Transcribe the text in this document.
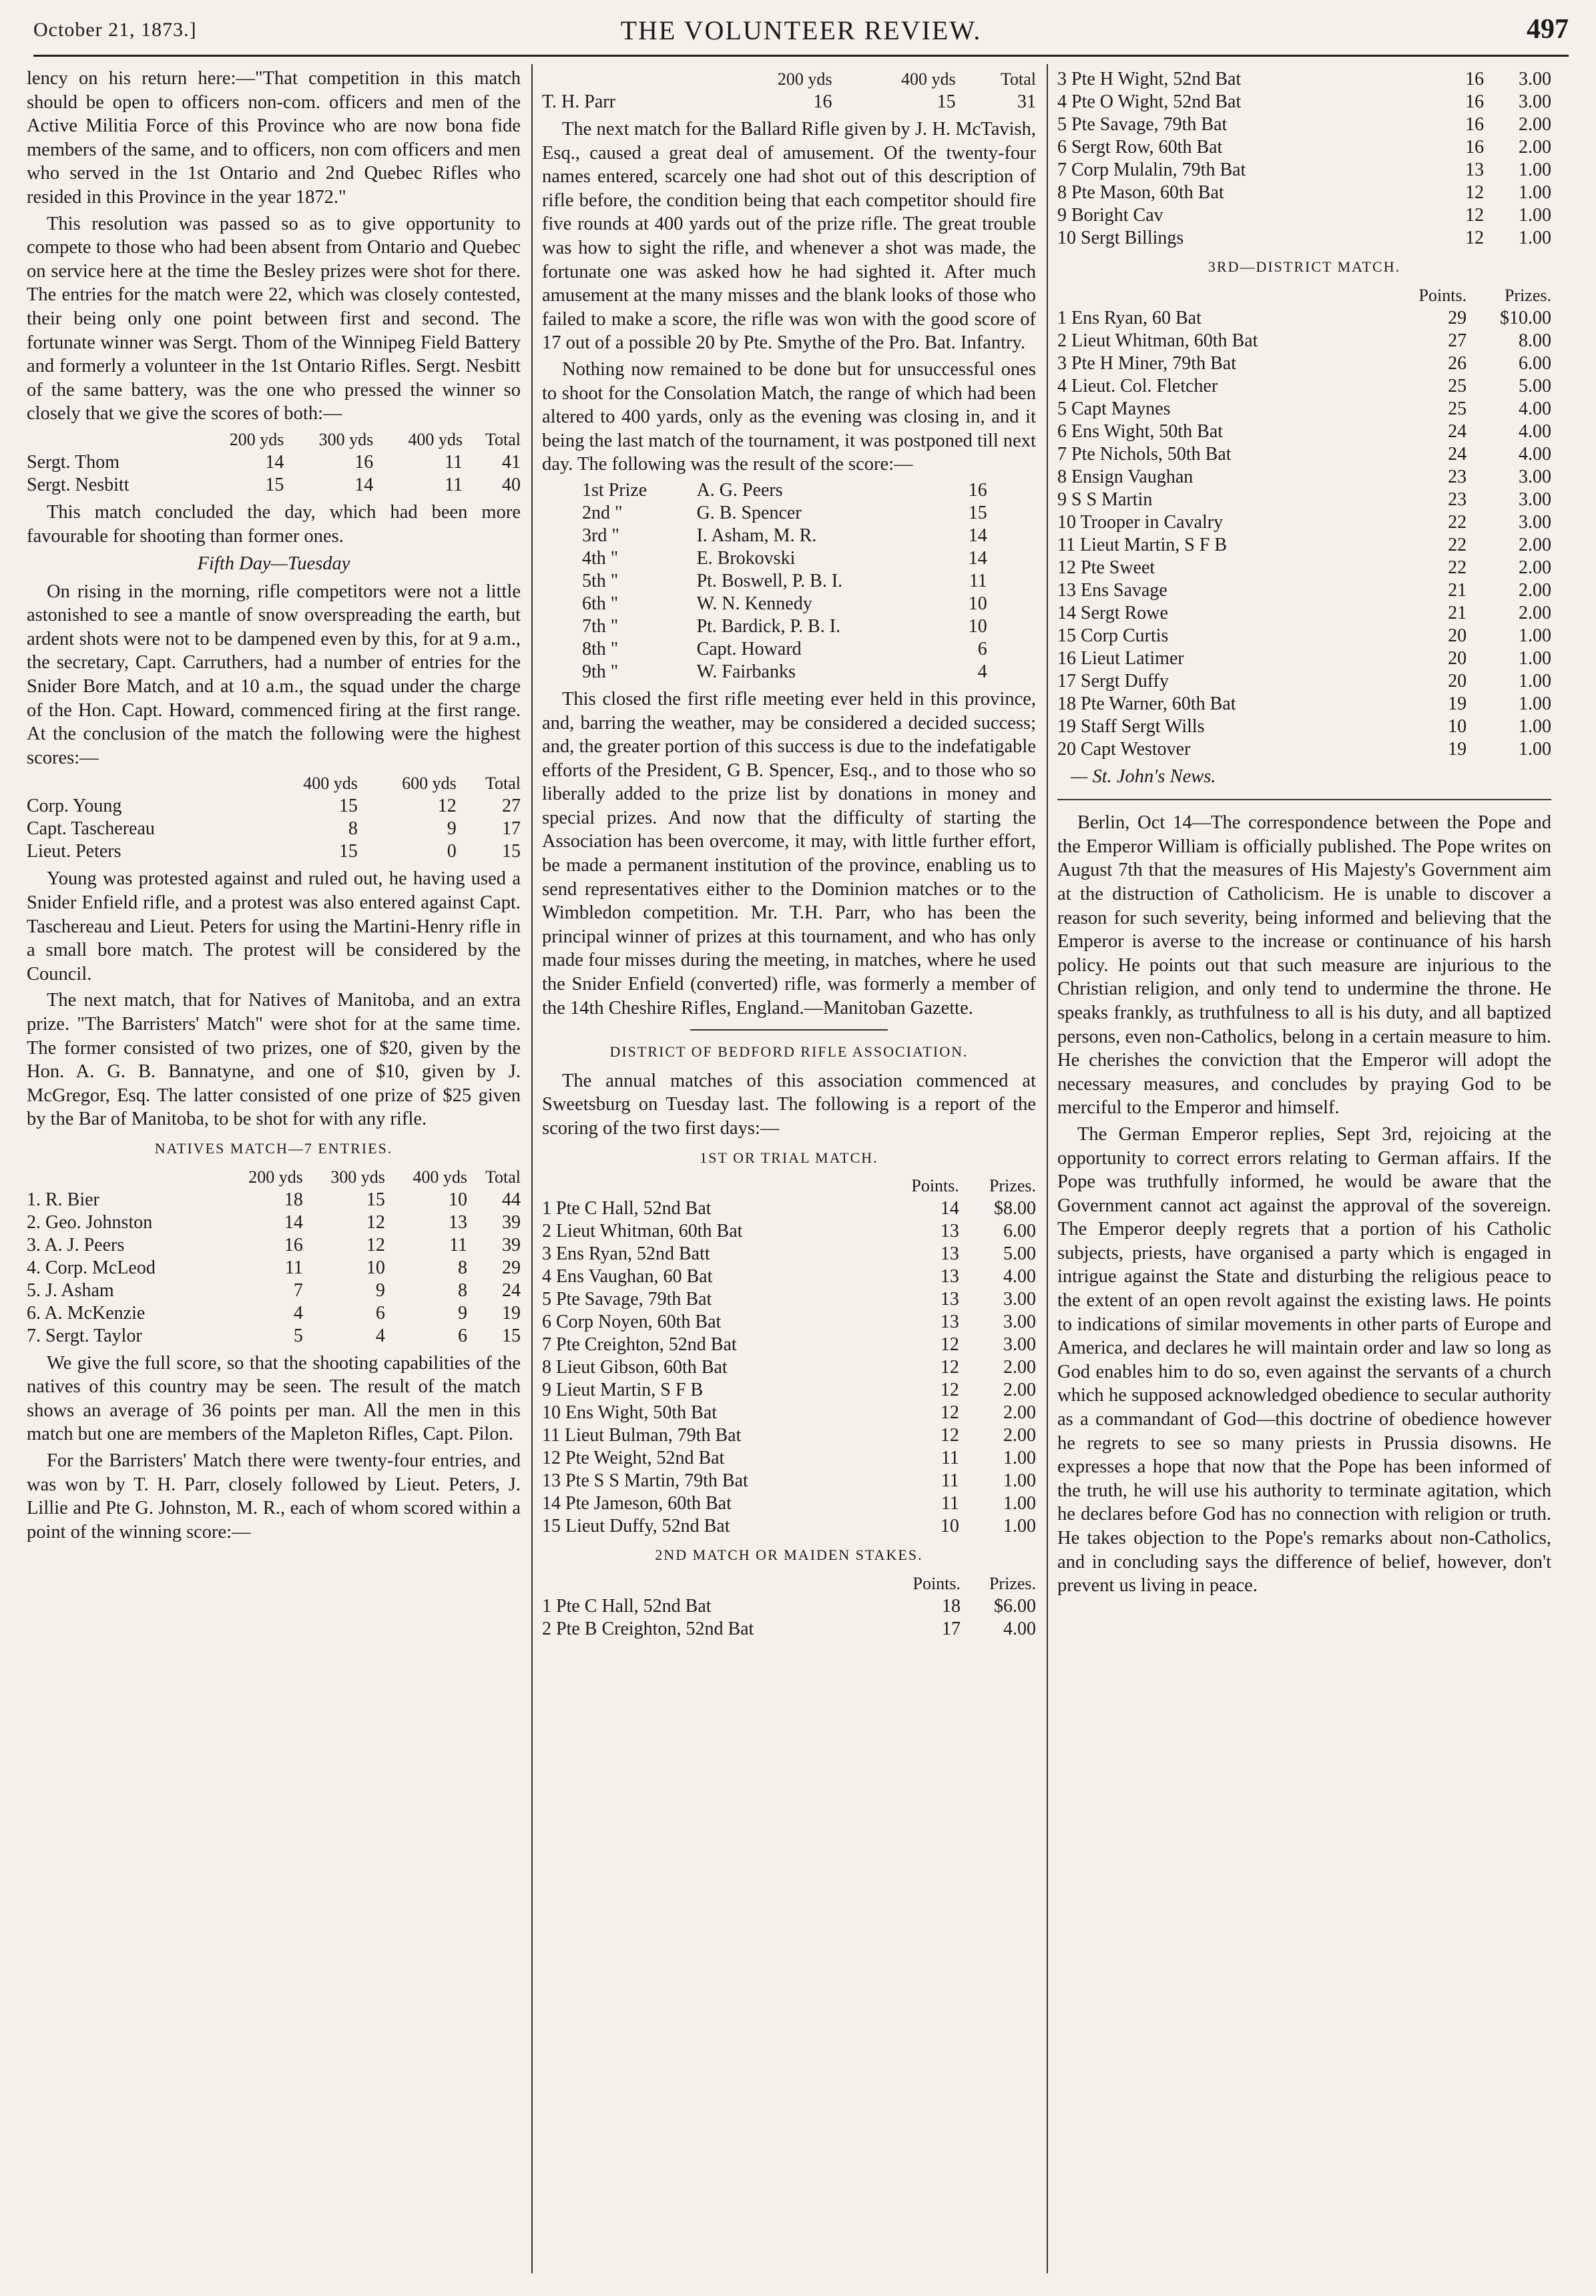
October 21, 1873.]	THE VOLUNTEER REVIEW.	497

lency on his return here:—"That competition in this match should be open to officers non-com. officers and men of the Active Militia Force of this Province who are now bona fide members of the same, and to officers, non com officers and men who served in the 1st Ontario and 2nd Quebec Rifles who resided in this Province in the year 1872."

This resolution was passed so as to give opportunity to compete to those who had been absent from Ontario and Quebec on service here at the time the Besley prizes were shot for there. The entries for the match were 22, which was closely contested, their being only one point between first and second. The fortunate winner was Sergt. Thom of the Winnipeg Field Battery and formerly a volunteer in the 1st Ontario Rifles. Sergt. Nesbitt of the same battery, was the one who pressed the winner so closely that we give the scores of both:—

	200 yds	300 yds	400 yds	Total
Sergt. Thom	14	16	11	41
Sergt. Nesbitt	15	14	11	40

This match concluded the day, which had been more favourable for shooting than former ones.

Fifth Day—Tuesday

On rising in the morning, rifle competitors were not a little astonished to see a mantle of snow overspreading the earth, but ardent shots were not to be dampened even by this, for at 9 a.m., the secretary, Capt. Carruthers, had a number of entries for the Snider Bore Match, and at 10 a.m., the squad under the charge of the Hon. Capt. Howard, commenced firing at the first range. At the conclusion of the match the following were the highest scores:—

	400 yds	600 yds	Total
Corp. Young	15	12	27
Capt. Taschereau	8	9	17
Lieut. Peters	15	0	15

Young was protested against and ruled out, he having used a Snider Enfield rifle, and a protest was also entered against Capt. Taschereau and Lieut. Peters for using the Martini-Henry rifle in a small bore match. The protest will be considered by the Council.

The next match, that for Natives of Manitoba, and an extra prize. "The Barristers' Match" were shot for at the same time. The former consisted of two prizes, one of $20, given by the Hon. A. G. B. Bannatyne, and one of $10, given by J. McGregor, Esq. The latter consisted of one prize of $25 given by the Bar of Manitoba, to be shot for with any rifle.

NATIVES MATCH—7 ENTRIES.
	200 yds	300 yds	400 yds	Total
1. R. Bier	18	15	10	44
2. Geo. Johnston	14	12	13	39
3. A. J. Peers	16	12	11	39
4. Corp. McLeod	11	10	8	29
5. J. Asham	7	9	8	24
6. A. McKenzie	4	6	9	19
7. Sergt. Taylor	5	4	6	15

We give the full score, so that the shooting capabilities of the natives of this country may be seen. The result of the match shows an average of 36 points per man. All the men in this match but one are members of the Mapleton Rifles, Capt. Pilon.

For the Barristers' Match there were twenty-four entries, and was won by T. H. Parr, closely followed by Lieut. Peters, J. Lillie and Pte G. Johnston, M. R., each of whom scored within a point of the winning score:—

	200 yds	400 yds	Total
T. H. Parr	16	15	31

The next match for the Ballard Rifle given by J. H. McTavish, Esq., caused a great deal of amusement. Of the twenty-four names entered, scarcely one had shot out of this description of rifle before, the condition being that each competitor should fire five rounds at 400 yards out of the prize rifle. The great trouble was how to sight the rifle, and whenever a shot was made, the fortunate one was asked how he had sighted it. After much amusement at the many misses and the blank looks of those who failed to make a score, the rifle was won with the good score of 17 out of a possible 20 by Pte. Smythe of the Pro. Bat. Infantry.

Nothing now remained to be done but for unsuccessful ones to shoot for the Consolation Match, the range of which had been altered to 400 yards, only as the evening was closing in, and it being the last match of the tournament, it was postponed till next day. The following was the result of the score:—

1st Prize	A. G. Peers	16
2nd "	G. B. Spencer	15
3rd "	I. Asham, M. R.	14
4th "	E. Brokovski	14
5th "	Pt. Boswell, P. B. I.	11
6th "	W. N. Kennedy	10
7th "	Pt. Bardick, P. B. I.	10
8th "	Capt. Howard	6
9th "	W. Fairbanks	4

This closed the first rifle meeting ever held in this province, and, barring the weather, may be considered a decided success; and, the greater portion of this success is due to the indefatigable efforts of the President, G B. Spencer, Esq., and to those who so liberally added to the prize list by donations in money and special prizes. And now that the difficulty of starting the Association has been overcome, it may, with little further effort, be made a permanent institution of the province, enabling us to send representatives either to the Dominion matches or to the Wimbledon competition. Mr. T.H. Parr, who has been the principal winner of prizes at this tournament, and who has only made four misses during the meeting, in matches, where he used the Snider Enfield (converted) rifle, was formerly a member of the 14th Cheshire Rifles, England.—Manitoban Gazette.

DISTRICT OF BEDFORD RIFLE ASSOCIATION.

The annual matches of this association commenced at Sweetsburg on Tuesday last. The following is a report of the scoring of the two first days:—

1ST OR TRIAL MATCH.
	Points.	Prizes.
1 Pte C Hall, 52nd Bat	14	$8.00
2 Lieut Whitman, 60th Bat	13	6.00
3 Ens Ryan, 52nd Batt	13	5.00
4 Ens Vaughan, 60 Bat	13	4.00
5 Pte Savage, 79th Bat	13	3.00
6 Corp Noyen, 60th Bat	13	3.00
7 Pte Creighton, 52nd Bat	12	3.00
8 Lieut Gibson, 60th Bat	12	2.00
9 Lieut Martin, S F B	12	2.00
10 Ens Wight, 50th Bat	12	2.00
11 Lieut Bulman, 79th Bat	12	2.00
12 Pte Weight, 52nd Bat	11	1.00
13 Pte S S Martin, 79th Bat	11	1.00
14 Pte Jameson, 60th Bat	11	1.00
15 Lieut Duffy, 52nd Bat	10	1.00
2ND MATCH OR MAIDEN STAKES.
	Points.	Prizes.
1 Pte C Hall, 52nd Bat	18	$6.00
2 Pte B Creighton, 52nd Bat	17	4.00
3 Pte H Wight, 52nd Bat	16	3.00
4 Pte O Wight, 52nd Bat	16	3.00
5 Pte Savage, 79th Bat	16	2.00
6 Sergt Row, 60th Bat	16	2.00
7 Corp Mulalin, 79th Bat	13	1.00
8 Pte Mason, 60th Bat	12	1.00
9 Boright Cav	12	1.00
10 Sergt Billings	12	1.00
3RD—DISTRICT MATCH.
	Points.	Prizes.
1 Ens Ryan, 60 Bat	29	$10.00
2 Lieut Whitman, 60th Bat	27	8.00
3 Pte H Miner, 79th Bat	26	6.00
4 Lieut. Col. Fletcher	25	5.00
5 Capt Maynes	25	4.00
6 Ens Wight, 50th Bat	24	4.00
7 Pte Nichols, 50th Bat	24	4.00
8 Ensign Vaughan	23	3.00
9 S S Martin	23	3.00
10 Trooper in Cavalry	22	3.00
11 Lieut Martin, S F B	22	2.00
12 Pte Sweet	22	2.00
13 Ens Savage	21	2.00
14 Sergt Rowe	21	2.00
15 Corp Curtis	20	1.00
16 Lieut Latimer	20	1.00
17 Sergt Duffy	20	1.00
18 Pte Warner, 60th Bat	19	1.00
19 Staff Sergt Wills	10	1.00
20 Capt Westover	19	1.00
— St. John's News.

Berlin, Oct 14—The correspondence between the Pope and the Emperor William is officially published. The Pope writes on August 7th that the measures of His Majesty's Government aim at the distruction of Catholicism. He is unable to discover a reason for such severity, being informed and believing that the Emperor is averse to the increase or continuance of his harsh policy. He points out that such measure are injurious to the Christian religion, and only tend to undermine the throne. He speaks frankly, as truthfulness to all is his duty, and all baptized persons, even non-Catholics, belong in a certain measure to him. He cherishes the conviction that the Emperor will adopt the necessary measures, and concludes by praying God to be merciful to the Emperor and himself.

The German Emperor replies, Sept 3rd, rejoicing at the opportunity to correct errors relating to German affairs. If the Pope was truthfully informed, he would be aware that the Government cannot act against the approval of the sovereign. The Emperor deeply regrets that a portion of his Catholic subjects, priests, have organised a party which is engaged in intrigue against the State and disturbing the religious peace to the extent of an open revolt against the existing laws. He points to indications of similar movements in other parts of Europe and America, and declares he will maintain order and law so long as God enables him to do so, even against the servants of a church which he supposed acknowledged obedience to secular authority as a commandant of God—this doctrine of obedience however he regrets to see so many priests in Prussia disowns. He expresses a hope that now that the Pope has been informed of the truth, he will use his authority to terminate agitation, which he declares before God has no connection with religion or truth. He takes objection to the Pope's remarks about non-Catholics, and in concluding says the difference of belief, however, don't prevent us living in peace.
